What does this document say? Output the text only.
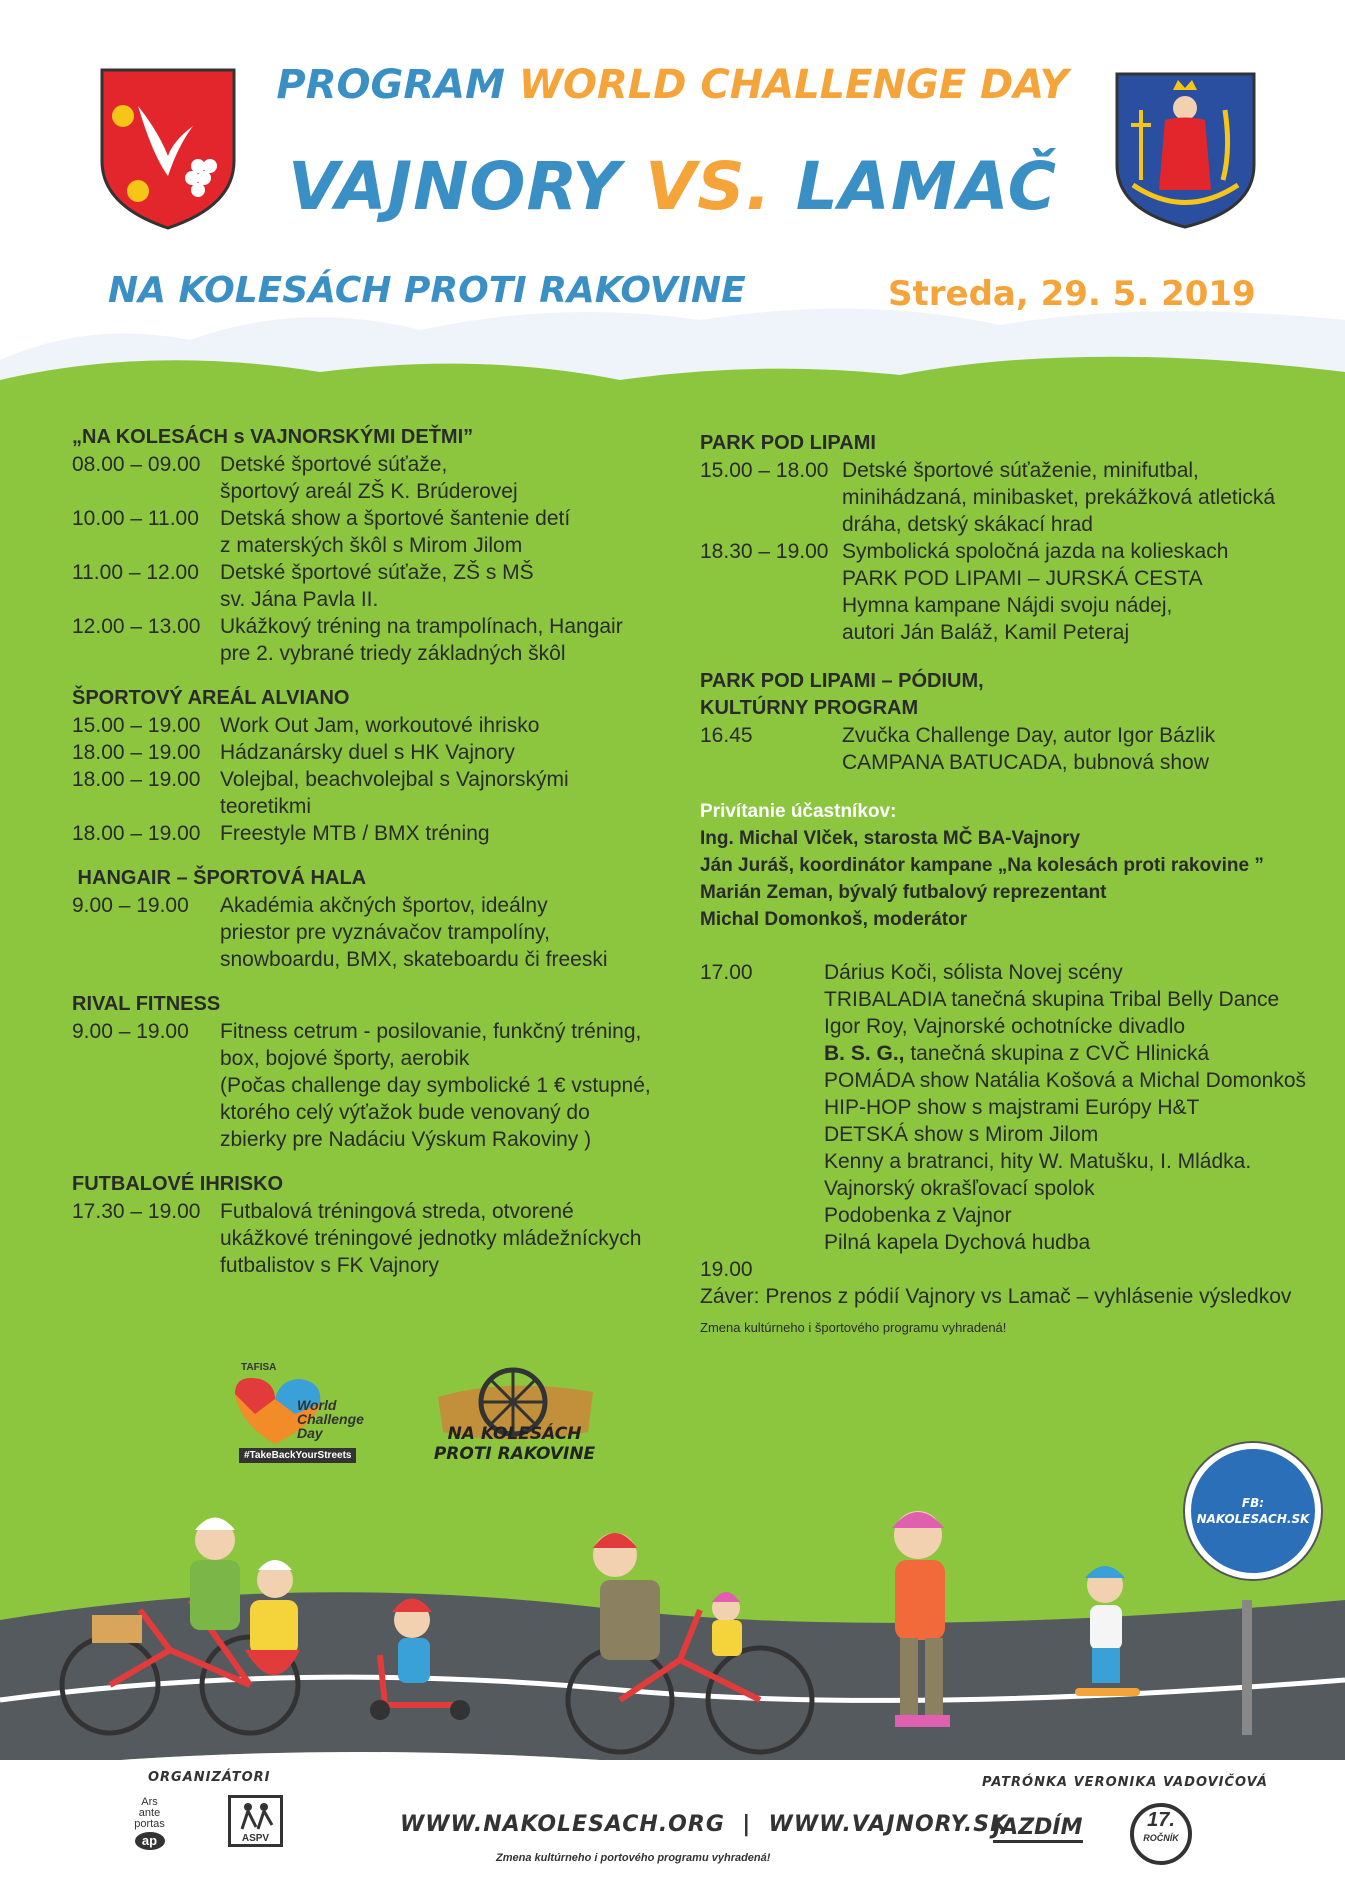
PROGRAM WORLD CHALLENGE DAY
VAJNORY VS. LAMAČ
NA KOLESÁCH PROTI RAKOVINE	Streda, 29. 5. 2019
„NA KOLESÁCH s VAJNORSKÝMI DEŤMI”
08.00 – 09.00 Detské športové súťaže,
športový areál ZŠ K. Brúderovej
10.00 – 11.00	Detská show a športové šantenie detí
z materských škôl s Mirom Jilom
11.00 – 12.00	Detské športové súťaže, ZŠ s MŠ
sv. Jána Pavla II.
12.00 – 13.00 Ukážkový tréning na trampolínach, Hangair
pre 2. vybrané triedy základných škôl
ŠPORTOVÝ AREÁL ALVIANO
15.00 – 19.00 Work Out Jam, workoutové ihrisko
18.00 – 19.00 Hádzanársky duel s HK Vajnory
18.00 – 19.00 Volejbal, beachvolejbal s Vajnorskými
teoretikmi
18.00 – 19.00 Freestyle MTB / BMX tréning
HANGAIR – ŠPORTOVÁ HALA
9.00 – 19.00	Akadémia akčných športov, ideálny
priestor pre vyznávačov trampolíny,
snowboardu, BMX, skateboardu či freeski
RIVAL FITNESS
9.00 – 19.00	Fitness cetrum - posilovanie, funkčný tréning,
box, bojové športy, aerobik
(Počas challenge day symbolické 1 € vstupné,
ktorého celý výťažok bude venovaný do
zbierky pre Nadáciu Výskum Rakoviny )
FUTBALOVÉ IHRISKO
17.30 – 19.00 Futbalová tréningová streda, otvorené
ukážkové tréningové jednotky mládežníckych
futbalistov s FK Vajnory
PARK POD LIPAMI
15.00 – 18.00 Detské športové súťaženie, minifutbal,
minihádzaná, minibasket, prekážková atletická
dráha, detský skákací hrad
18.30 – 19.00 Symbolická spoločná jazda na kolieskach
PARK POD LIPAMI – JURSKÁ CESTA
Hymna kampane Nájdi svoju nádej,
autori Ján Baláž, Kamil Peteraj
PARK POD LIPAMI – PÓDIUM,
KULTÚRNY PROGRAM
16.45	Zvučka Challenge Day, autor Igor Bázlik
CAMPANA BATUCADA, bubnová show
Privítanie účastníkov:
Ing. Michal Vlček, starosta MČ BA-Vajnory
Ján Juráš, koordinátor kampane „Na kolesách proti rakovine ”
Marián Zeman, bývalý futbalový reprezentant
Michal Domonkoš, moderátor
17.00	Dárius Koči, sólista Novej scény
TRIBALADIA tanečná skupina Tribal Belly Dance
Igor Roy, Vajnorské ochotnícke divadlo
B. S. G., tanečná skupina z CVČ Hlinická
POMÁDA show Natália Košová a Michal Domonkoš
HIP-HOP show s majstrami Európy H&T
DETSKÁ show s Mirom Jilom
Kenny a bratranci, hity W. Matušku, I. Mládka.
Vajnorský okrašľovací spolok
Podobenka z Vajnor
Pilná kapela Dychová hudba
19.00
Záver: Prenos z pódií Vajnory vs Lamač – vyhlásenie výsledkov
Zmena kultúrneho i športového programu vyhradená!
TAFISA
World
Challenge
Day
#TakeBackYourStreets
NA KOLESÁCH
PROTI RAKOVINE
FB:
NAKOLESACH.SK
ORGANIZÁTORI
Ars
ante
portas
ap	ASPV
WWW.NAKOLESACH.ORG  |  WWW.VAJNORY.SK
Zmena kultúrneho i portového programu vyhradená!
PATRÓNKA VERONIKA VADOVIČOVÁ
JAZDÍM	17.
ROČNÍK
